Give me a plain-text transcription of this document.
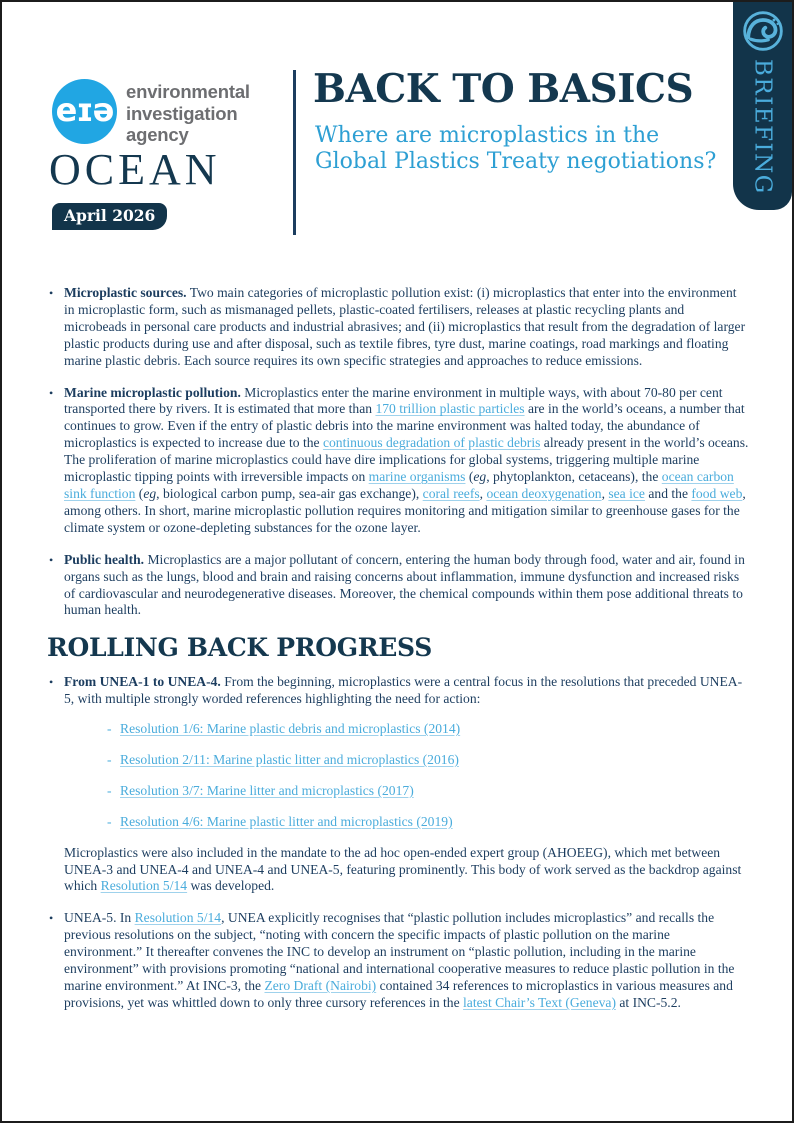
eɪə environmental
investigation
agency
OCEAN
April 2026
BACK TO BASICS
Where are microplastics in the
Global Plastics Treaty negotiations? BRIEFING
• Microplastic sources. Two main categories of microplastic pollution exist: (i) microplastics that enter into the environment in microplastic form, such as mismanaged pellets, plastic-coated fertilisers, releases at plastic recycling plants and microbeads in personal care products and industrial abrasives; and (ii) microplastics that result from the degradation of larger plastic products during use and after disposal, such as textile fibres, tyre dust, marine coatings, road markings and floating marine plastic debris. Each source requires its own specific strategies and approaches to reduce emissions.
• Marine microplastic pollution. Microplastics enter the marine environment in multiple ways, with about 70-80 per cent transported there by rivers. It is estimated that more than 170 trillion plastic particles are in the world’s oceans, a number that continues to grow. Even if the entry of plastic debris into the marine environment was halted today, the abundance of microplastics is expected to increase due to the continuous degradation of plastic debris already present in the world’s oceans. The proliferation of marine microplastics could have dire implications for global systems, triggering multiple marine microplastic tipping points with irreversible impacts on marine organisms (eg, phytoplankton, cetaceans), the ocean carbon sink function (eg, biological carbon pump, sea-air gas exchange), coral reefs, ocean deoxygenation, sea ice and the food web, among others. In short, marine microplastic pollution requires monitoring and mitigation similar to greenhouse gases for the climate system or ozone-depleting substances for the ozone layer.
• Public health. Microplastics are a major pollutant of concern, entering the human body through food, water and air, found in organs such as the lungs, blood and brain and raising concerns about inflammation, immune dysfunction and increased risks of cardiovascular and neurodegenerative diseases. Moreover, the chemical compounds within them pose additional threats to human health.
ROLLING BACK PROGRESS
• From UNEA-1 to UNEA-4. From the beginning, microplastics were a central focus in the resolutions that preceded UNEA-5, with multiple strongly worded references highlighting the need for action:
- Resolution 1/6: Marine plastic debris and microplastics (2014)
- Resolution 2/11: Marine plastic litter and microplastics (2016)
- Resolution 3/7: Marine litter and microplastics (2017)
- Resolution 4/6: Marine plastic litter and microplastics (2019)
Microplastics were also included in the mandate to the ad hoc open-ended expert group (AHOEEG), which met between UNEA-3 and UNEA-4 and UNEA-4 and UNEA-5, featuring prominently. This body of work served as the backdrop against which Resolution 5/14 was developed.
• UNEA-5. In Resolution 5/14, UNEA explicitly recognises that “plastic pollution includes microplastics” and recalls the previous resolutions on the subject, “noting with concern the specific impacts of plastic pollution on the marine environment.” It thereafter convenes the INC to develop an instrument on “plastic pollution, including in the marine environment” with provisions promoting “national and international cooperative measures to reduce plastic pollution in the marine environment.” At INC-3, the Zero Draft (Nairobi) contained 34 references to microplastics in various measures and provisions, yet was whittled down to only three cursory references in the latest Chair’s Text (Geneva) at INC-5.2.
